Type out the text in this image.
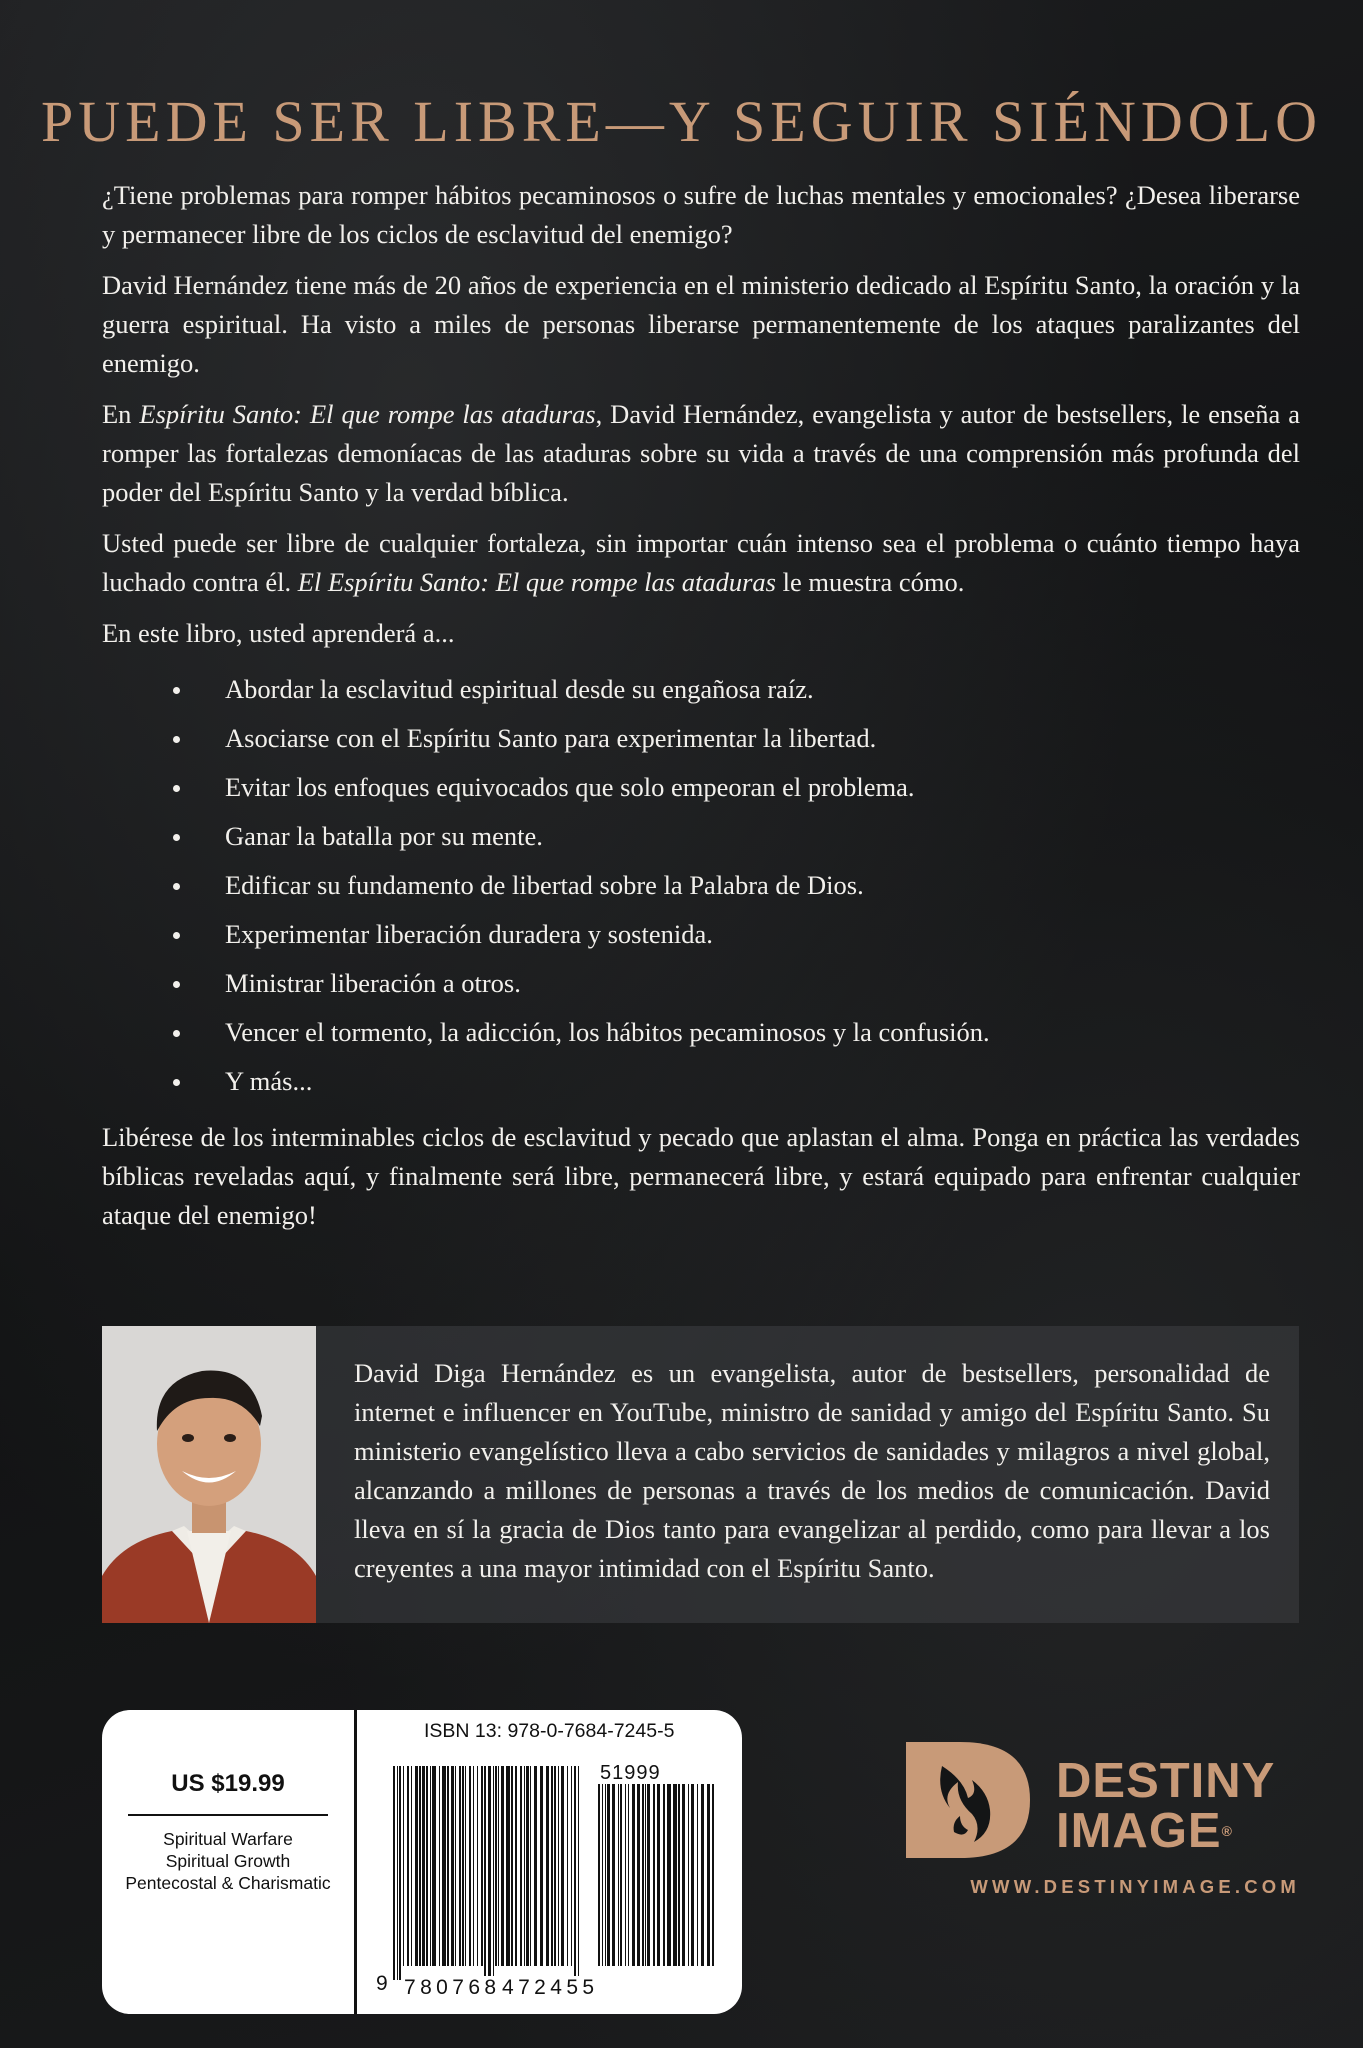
PUEDE SER LIBRE—Y SEGUIR SIÉNDOLO

¿Tiene problemas para romper hábitos pecaminosos o sufre de luchas mentales y emocionales? ¿Desea liberarse y permanecer libre de los ciclos de esclavitud del enemigo?

David Hernández tiene más de 20 años de experiencia en el ministerio dedicado al Espíritu Santo, la oración y la guerra espiritual. Ha visto a miles de personas liberarse permanentemente de los ataques paralizantes del enemigo.

En Espíritu Santo: El que rompe las ataduras, David Hernández, evangelista y autor de bestsellers, le enseña a romper las fortalezas demoníacas de las ataduras sobre su vida a través de una comprensión más profunda del poder del Espíritu Santo y la verdad bíblica.

Usted puede ser libre de cualquier fortaleza, sin importar cuán intenso sea el problema o cuánto tiempo haya luchado contra él. El Espíritu Santo: El que rompe las ataduras le muestra cómo.

En este libro, usted aprenderá a...

Abordar la esclavitud espiritual desde su engañosa raíz.
Asociarse con el Espíritu Santo para experimentar la libertad.
Evitar los enfoques equivocados que solo empeoran el problema.
Ganar la batalla por su mente.
Edificar su fundamento de libertad sobre la Palabra de Dios.
Experimentar liberación duradera y sostenida.
Ministrar liberación a otros.
Vencer el tormento, la adicción, los hábitos pecaminosos y la confusión.
Y más...

Libérese de los interminables ciclos de esclavitud y pecado que aplastan el alma. Ponga en práctica las verdades bíblicas reveladas aquí, y finalmente será libre, permanecerá libre, y estará equipado para enfrentar cualquier ataque del enemigo!

David Diga Hernández es un evangelista, autor de bestsellers, personalidad de internet e influencer en YouTube, ministro de sanidad y amigo del Espíritu Santo. Su ministerio evangelístico lleva a cabo servicios de sanidades y milagros a nivel global, alcanzando a millones de personas a través de los medios de comunicación. David lleva en sí la gracia de Dios tanto para evangelizar al perdido, como para llevar a los creyentes a una mayor intimidad con el Espíritu Santo.

US $19.99
Spiritual Warfare
Spiritual Growth
Pentecostal & Charismatic
ISBN 13: 978-0-7684-7245-5
51999
9 780768 472455
DESTINY
IMAGE®
WWW.DESTINYIMAGE.COM
